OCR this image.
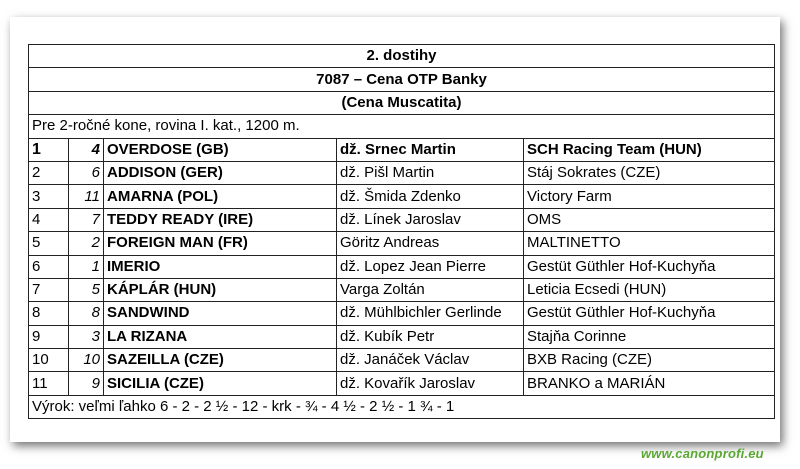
2. dostihy				
7087 – Cena OTP Banky				
(Cena Muscatita)				
Pre 2-ročné kone, rovina I. kat., 1200 m.				
1	4	OVERDOSE (GB)	dž. Srnec Martin	SCH Racing Team (HUN)
2	6	ADDISON (GER)	dž. Pišl Martin	Stáj Sokrates (CZE)
3	11	AMARNA (POL)	dž. Šmida Zdenko	Victory Farm
4	7	TEDDY READY (IRE)	dž. Línek Jaroslav	OMS
5	2	FOREIGN MAN (FR)	Göritz Andreas	MALTINETTO
6	1	IMERIO	dž. Lopez Jean Pierre	Gestüt Güthler Hof-Kuchyňa
7	5	KÁPLÁR (HUN)	Varga Zoltán	Leticia Ecsedi (HUN)
8	8	SANDWIND	dž. Mühlbichler Gerlinde	Gestüt Güthler Hof-Kuchyňa
9	3	LA RIZANA	dž. Kubík Petr	Stajňa Corinne
10	10	SAZEILLA (CZE)	dž. Janáček Václav	BXB Racing (CZE)
11	9	SICILIA (CZE)	dž. Kovařík Jaroslav	BRANKO a MARIÁN
Výrok: veľmi ľahko 6 - 2 - 2 ½ - 12 - krk - ¾ - 4 ½ - 2 ½ - 1 ¾ - 1				
www.canonprofi.eu
